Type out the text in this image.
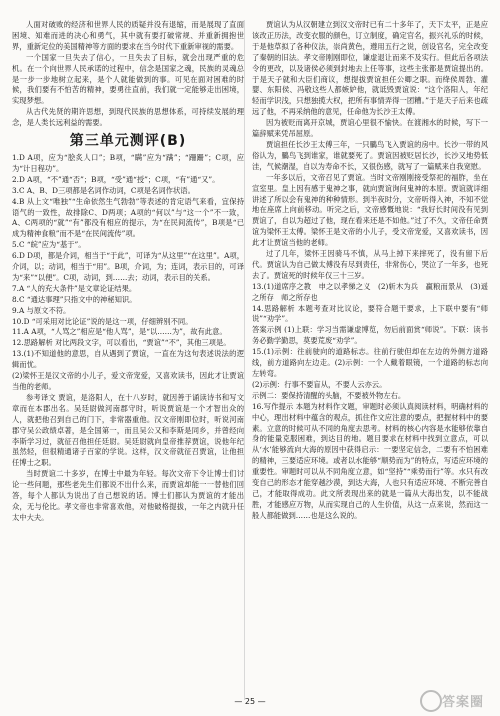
人面对破败的经济和世界人民的质疑并没有退缩，而是展现了直面困境、知难而进的决心和勇气，其中就有要打破常规、并重新拥抱世界，重新定位的美国精神等方面的要求在当今时代下重新审视的需要。

一个国家一旦失去了信心，一旦失去了目标，就会出现严重的危机。在一个向世界人民承诺的过程中，信念是国家之魂，民族的灵魂总是一步一步地树立起来，是个人就能做到的事。可见在面对困难的时候，我们要有不怕苦的精神，要勇往直前，我们就一定能够走出困境，实现梦想。

从古代先贤的期许思想，到现代民族的思想体系，可持续发展的理念，是人类长远利益的需要。

第三单元测评(B)

1.D A项，应为“脍炙人口”；B项，“瞒”应为“蹒”；“跚跚”；C项，应为“计日程功”。

2.D A项，“不”通“否”；B项，“受”通“授”；C项，“有”通“又”。

3.C A、B、D三项都是名词作动词，C项是名词作状语。

4.B 从上文“唯独”“生命依然生气勃勃”等表述的肯定语气来看，宜保持语气的一致性，故排除C、D两项；A项的“何以”与“这一个”不一致，A、C两项的“就”“有”都没有相应的提示，为“在民间流传”，B项是“已成为精神食粮”而不是“在民间流传”项。

5.C “皖”应为“基于”。

6.D D项，都是介词，相当于“于此”，可译为“从这里”“在这里”。A项，介词，以；动词，相当于“用”。B项，介词，为；连词，表示目的，可译为“来”“以便”。C项，动词，到……去；动词，表示目的关系。

7.A “人的充大条件”是文章论证结果。

8.C “通达事理”只指文中的神秘知识。

9.A 与原文不符。

10.D “可采用对比论证”说的是这一项，仔细辨别不同。

11.A A项，“人骂之”相应是“他人骂”，是“以……为”，故有此意。

12.思路解析 对比两段文字，可以看出，“贾谊”“不”，其他三项是。

13.(1)不知道他的意思，自从遇到了贾谊，一直在为这句表述说法的逻辑而忧。

(2)梁怀王是汉文帝的小儿子，爱文帝宠爱，又喜欢读书，因此才让贾谊当他的老师。

参考译文 贾谊，是洛阳人，在十八岁时，就因善于诵读诗书和写文章而在本郡出名。吴廷尉做河南郡守时，听说贾谊是一个才智出众的人，就把他召到自己的门下，非常器重他。汉文帝刚即位时，听说河南郡守吴公政绩卓著，是全国第一，而且吴公又和李斯是同乡，并曾经向李斯学习过，就征召他担任廷尉。吴廷尉就向皇帝推荐贾谊，说他年纪虽然轻，但很精通诸子百家的学说。这样，汉文帝就征召贾谊，让他担任博士之职。

当时贾谊二十多岁，在博士中最为年轻。每次文帝下令让博士们讨论一些问题，那些老先生们都说不出什么来，而贾谊却能一一替他们回答，每个人都认为说出了自己想说的话。博士们都认为贾谊的才能出众，无与伦比。孝文帝也非常喜欢他，对他破格提拔，一年之内就升任太中大夫。

贾谊认为从汉朝建立到汉文帝时已有二十多年了，天下太平，正是应该改正历法，改变衣服的颜色，订立制度，确定官名，振兴礼乐的时候，于是他草拟了各种仪法，崇尚黄色，遵用五行之说，创设官名，完全改变了秦朝的旧法。孝文帝刚刚即位，谦虚退让而来不及实行。但此后各项法令的更改，以及诸侯必须到封地去上任等事，这些主张都是贾谊提出的。于是天子就和大臣们商议，想提拔贾谊担任公卿之职。而绛侯周勃、灌婴、东阳侯、冯敬这些人都嫉妒他，就诋毁贾谊说：“这个洛阳人，年纪轻而学识浅，只想独揽大权，把所有事情弄得一团糟。”于是天子后来也疏远了他，不再采纳他的意见，任命他为长沙王太傅。

因为被贬而离开京城，贾谊心里很不愉快。在渡湘水的时候，写下一篇辞赋来凭吊屈原。

贾谊担任长沙王太傅三年，一只鵩鸟飞入贾谊的房中。长沙一带的风俗认为，鵩鸟飞到谁家，谁就要死了。贾谊因被贬居长沙，长沙又地势低洼，气候潮湿，自以为寿命不长，又很伤感，就写了一篇赋来自我宽慰。

一年多以后，文帝召见了贾谊。当时文帝刚刚接受祭祀的福胙，坐在宣室里。皇上因有感于鬼神之事，就向贾谊询问鬼神的本原。贾谊就详细讲述了所以会有鬼神的种种情形。到半夜时分，文帝听得入神，不知不觉地在座席上向前移动。听完之后，文帝感慨地说：“我好长时间没有见到贾谊了，自以为超过了他，现在看来还是不如他。”过了不久，文帝任命贾谊为梁怀王太傅。梁怀王是文帝的小儿子，受文帝宠爱，又喜欢读书，因此才让贾谊当他的老师。

过了几年，梁怀王因骑马不慎，从马上掉下来摔死了，没有留下后代。贾谊认为自己做太傅没有尽到责任，非常伤心，哭泣了一年多，也死去了。贾谊死的时候年仅三十三岁。

13.(1)道席序之教　申之以孝悌之义　(2)斩木为兵　赢粮而景从　(3)遥之所存　师之所存也

14.思路解析 本题考查对比议论，要符合题干要求，上下联中要有“师说”“劝学”。

答案示例 (1)上联：学习当需谦虚博览，勿后前面赏“师说”。下联：读书务必勤学勤思，莫要荒废“劝学”。

15.(1)示例：往前驶向的道路标志。往前行驶但却在左边的外侧方道路线，前方道路向左边走。(2)示例：一个人戴着眼镜，一个道路的标志向左转弯。

(2)示例：行事不要盲从，不要人云亦云。

示例二：要保持清醒的头脑，不要被外物左右。

16.写作提示 本题为材料作文题，审题时必须认真阅读材料，明确材料的中心，理出材料中蕴含的观点，抓住作文应注意的要点，把握材料中的要素。立意的时候可从不同的角度去思考。材料的核心内容是水能够依靠自身的能量克服困难，到达目的地。题目要求在材料中找到立意点，可以从‘水’能够流向大海的原因中获得启示：一要坚定信念，二要有不怕困难的精神，三要适应环境。或者以水能够“顺势而为”的特点，写适应环境的重要性。审题时可以从不同角度立意，如“坚持”“乘势而行”等。水只有改变自己的形态才能穿越沙漠，到达大海，人也只有适应环境、不断完善自己，才能取得成功。此文所表现出来的就是一篇从大海出发，以不能战胜，才能感应万物，从而实现自己的人生价值，从这一点来说，然而这一般人都能做到……也是这么说的。

— 25 —	答案圈
